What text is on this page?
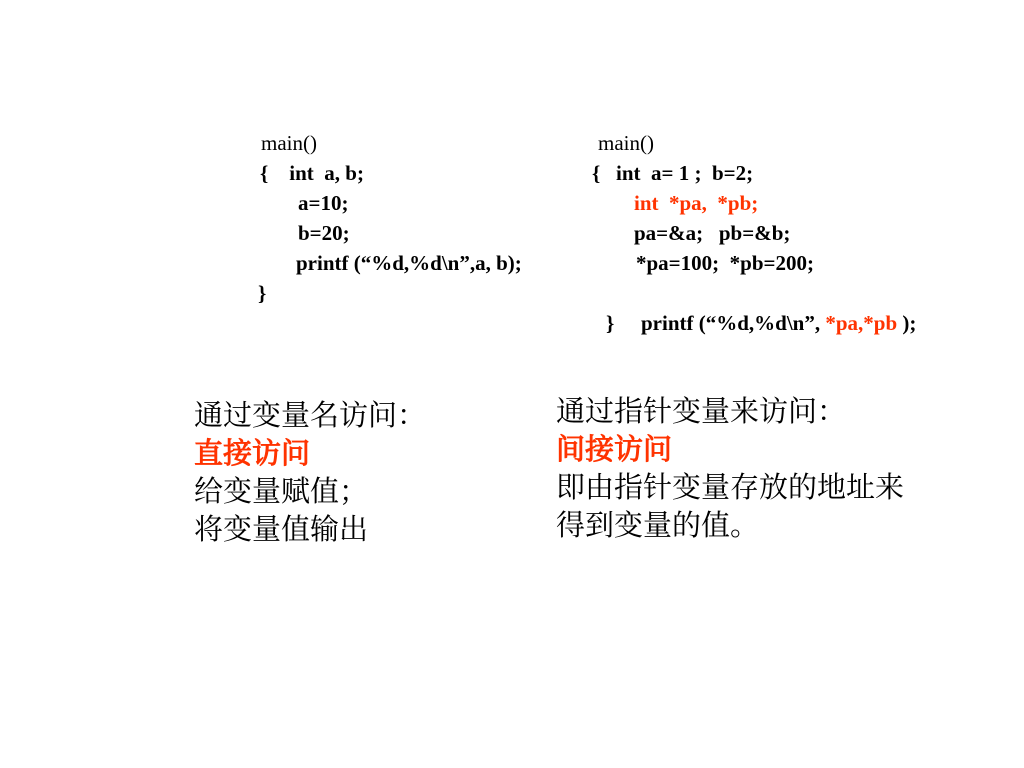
main()
{    int  a, b;
a=10;
b=20;
printf (“%d,%d\n”,a, b);
}
main()
{   int  a= 1 ;  b=2;
int  *pa,  *pb;
pa=&a;   pb=&b;
*pa=100;  *pb=200;

printf (“%d,%d\n”, *pa,*pb );

}
通过变量名访问：
直接访问
给变量赋值；
将变量值输出
通过指针变量来访问：
间接访问
即由指针变量存放的地址来
得到变量的值。
